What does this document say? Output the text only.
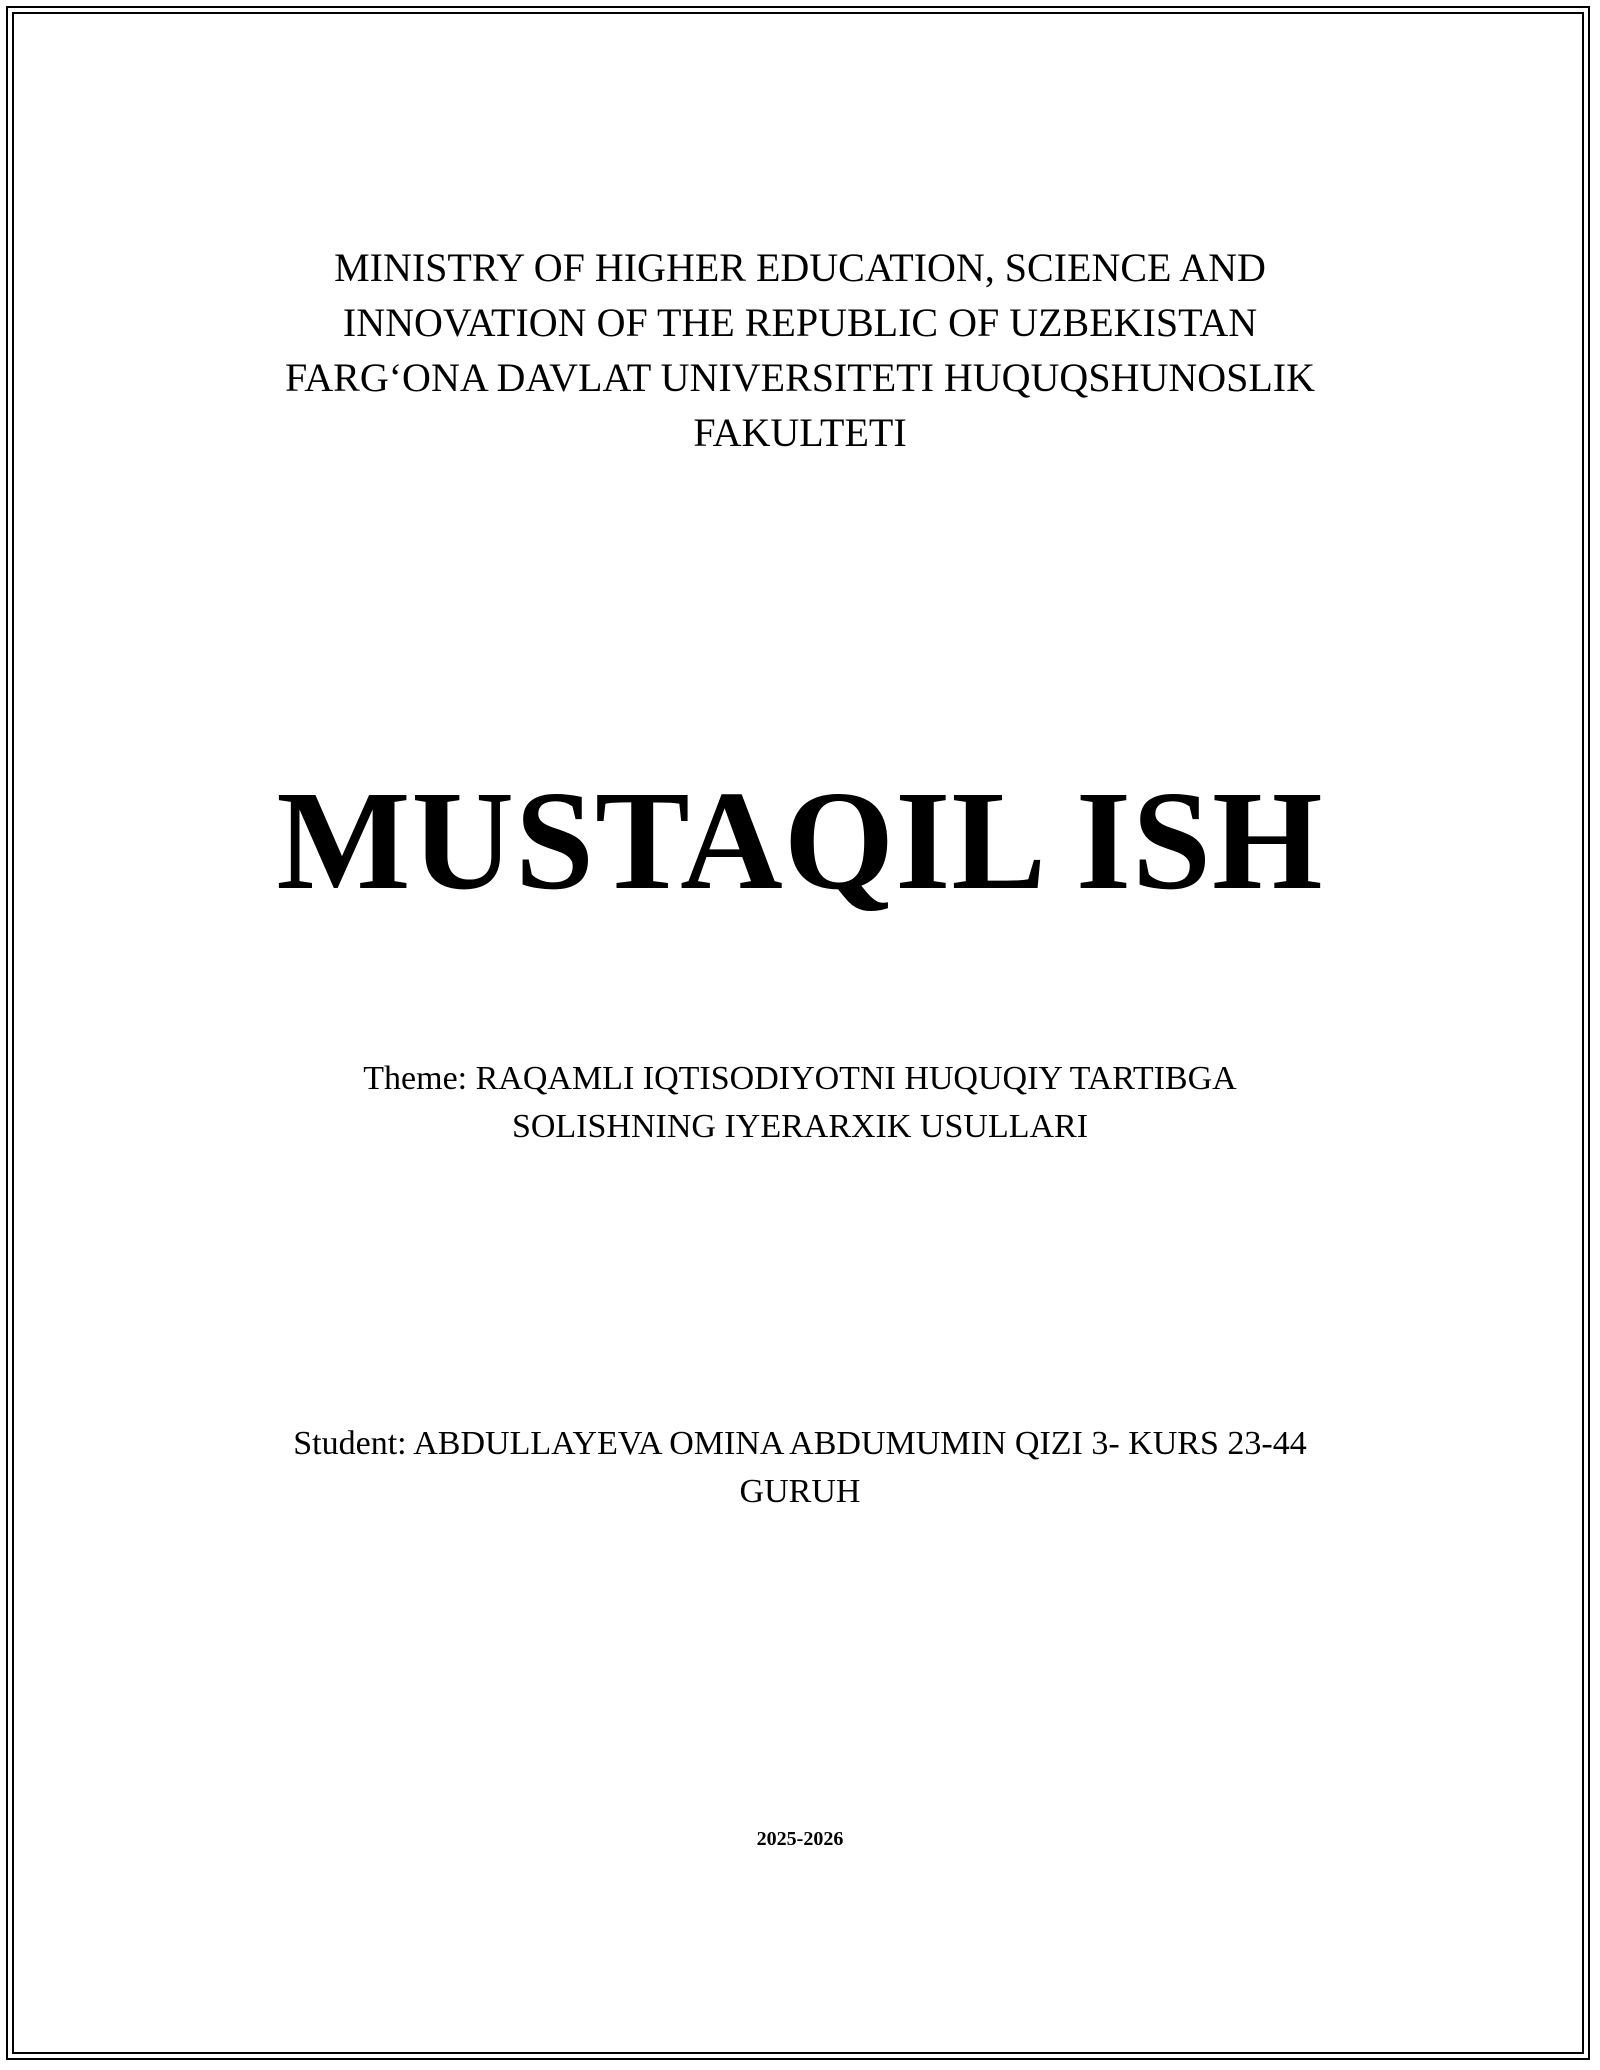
MINISTRY OF HIGHER EDUCATION, SCIENCE AND
INNOVATION OF THE REPUBLIC OF UZBEKISTAN
FARG‘ONA DAVLAT UNIVERSITETI HUQUQSHUNOSLIK
FAKULTETI
MUSTAQIL ISH
Theme: RAQAMLI IQTISODIYOTNI HUQUQIY TARTIBGA SOLISHNING IYERARXIK USULLARI
Student: ABDULLAYEVA OMINA ABDUMUMIN QIZI 3- KURS 23-44 GURUH
2025-2026
